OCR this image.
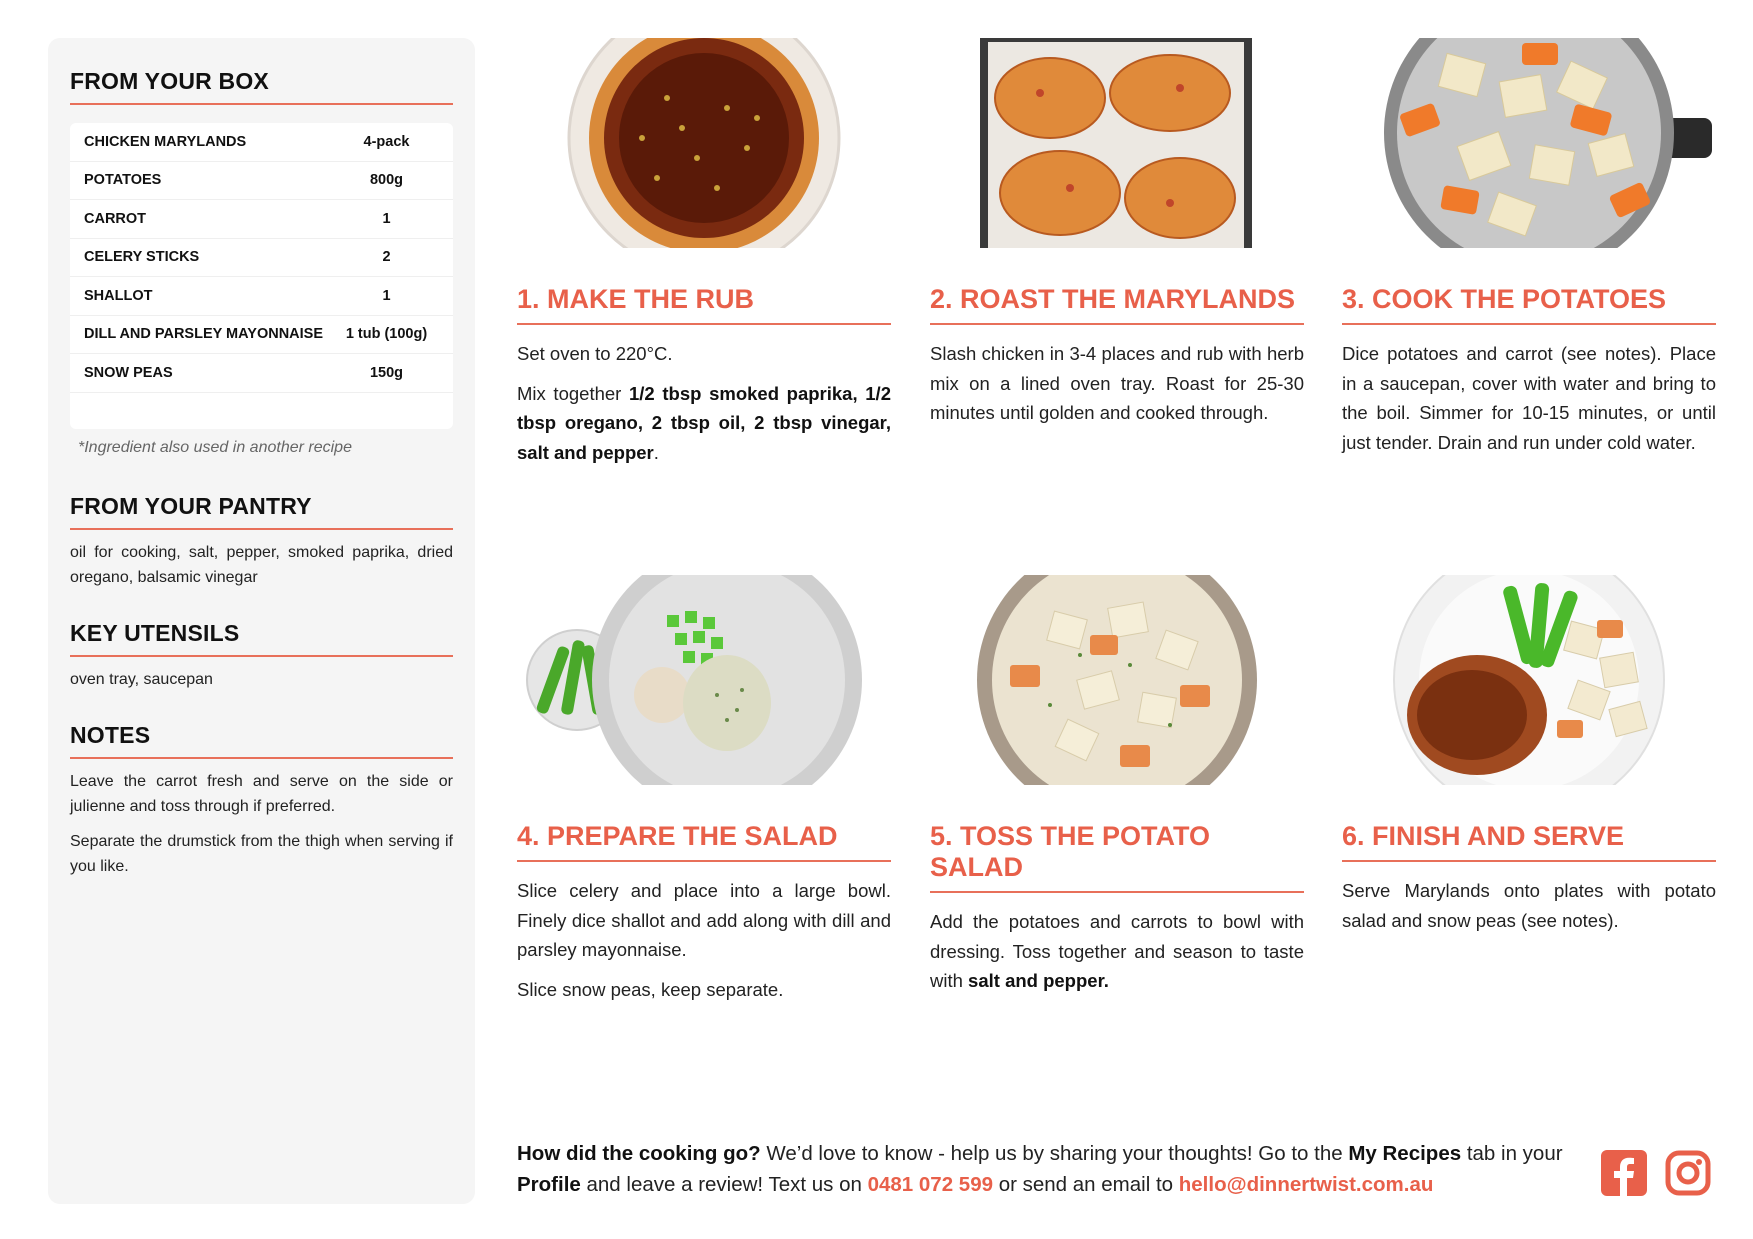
FROM YOUR BOX
CHICKEN MARYLANDS	4-pack
POTATOES	800g
CARROT	1
CELERY STICKS	2
SHALLOT	1
DILL AND PARSLEY MAYONNAISE	1 tub (100g)
SNOW PEAS	150g
*Ingredient also used in another recipe
FROM YOUR PANTRY
oil for cooking, salt, pepper, smoked paprika, dried oregano, balsamic vinegar
KEY UTENSILS
oven tray, saucepan
NOTES
Leave the carrot fresh and serve on the side or julienne and toss through if preferred.
Separate the drumstick from the thigh when serving if you like.
1. MAKE THE RUB

Set oven to 220°C.

Mix together 1/2 tbsp smoked paprika, 1/2 tbsp oregano, 2 tbsp oil, 2 tbsp vinegar, salt and pepper.

2. ROAST THE MARYLANDS

Slash chicken in 3-4 places and rub with herb mix on a lined oven tray. Roast for 25-30 minutes until golden and cooked through.

3. COOK THE POTATOES

Dice potatoes and carrot (see notes). Place in a saucepan, cover with water and bring to the boil. Simmer for 10-15 minutes, or until just tender. Drain and run under cold water.

4. PREPARE THE SALAD

Slice celery and place into a large bowl. Finely dice shallot and add along with dill and parsley mayonnaise.

Slice snow peas, keep separate.

5. TOSS THE POTATO SALAD

Add the potatoes and carrots to bowl with dressing. Toss together and season to taste with salt and pepper.

6. FINISH AND SERVE

Serve Marylands onto plates with potato salad and snow peas (see notes).

How did the cooking go? We’d love to know - help us by sharing your thoughts! Go to the My Recipes tab in your Profile and leave a review! Text us on 0481 072 599 or send an email to hello@dinnertwist.com.au
